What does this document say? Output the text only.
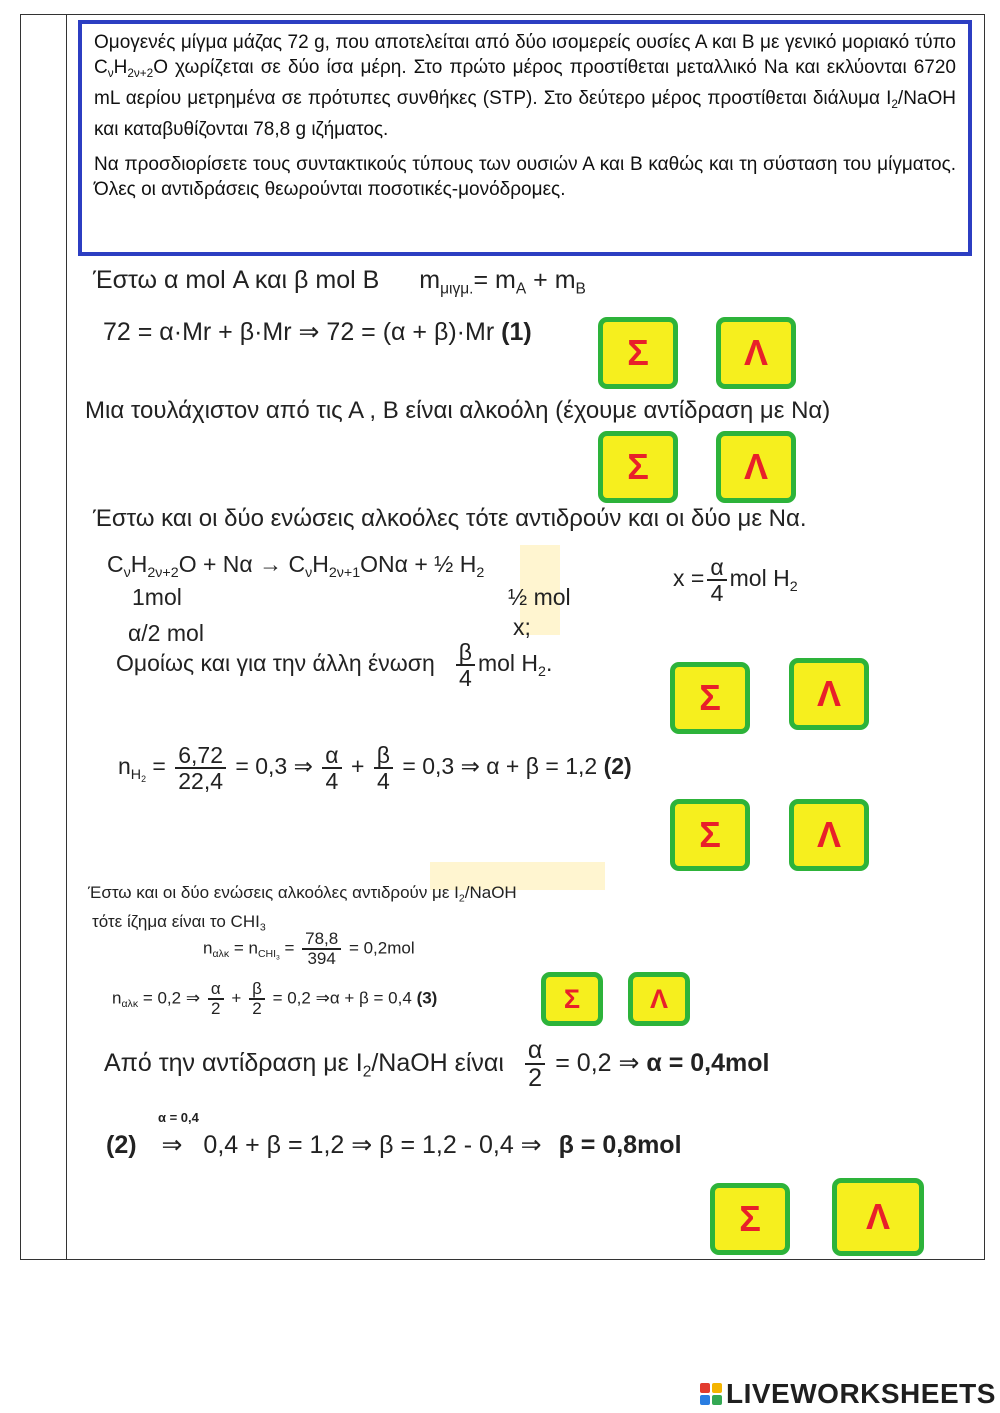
Ομογενές μίγμα μάζας 72 g, που αποτελείται από δύο ισομερείς ουσίες Α και Β με γενικό μοριακό τύπο $C_\nu H_{2\nu+2}O$ χωρίζεται σε δύο ίσα μέρη. Στο πρώτο μέρος προστίθεται μεταλλικό Na και εκλύονται 6720 mL αερίου μετρημένα σε πρότυπες συνθήκες (STP). Στο δεύτερο μέρος προστίθεται διάλυμα $I_2$/NaOH και καταβυθίζονται 78,8 g ιζήματος.

Να προσδιορίσετε τους συντακτικούς τύπους των ουσιών Α και Β καθώς και τη σύσταση του μίγματος. Όλες οι αντιδράσεις θεωρούνται ποσοτικές-μονόδρομες.

Έστω α mol Α και β mol Β $m_{\mu\iota\gamma\mu.}= m_A + m_B$
72 = α·Mr + β·Mr ⇒ 72 = (α + β)·Mr (1)	Σ	Λ
Μια τουλάχιστον από τις Α , Β είναι αλκοόλη (έχουμε αντίδραση με Να)
Σ	Λ
Έστω και οι δύο ενώσεις αλκοόλες τότε αντιδρούν και οι δύο με Να.
$C_\nu H_{2\nu+2}O + N\alpha \to C_\nu H_{2\nu+1}ON\alpha$ + ½ $H_2$
1mol	½ mol
α/2 mol	x;
$x = \frac{\alpha}{4}$ mol $H_2$
Ομοίως και για την άλλη ένωση $\frac{\beta}{4}$ mol $H_2$.
Σ	Λ
$n_{H_2} = \frac{6,72}{22,4} = 0,3$ ⇒ $\frac{\alpha}{4} + \frac{\beta}{4} = 0,3$ ⇒ α + β = 1,2 (2)
Σ	Λ
Έστω και οι δύο ενώσεις αλκοόλες αντιδρούν με $I_2$/NaOH
τότε ίζημα είναι το $CHI_3$
$n_{\alpha\lambda\kappa} = n_{CHI_3} = \frac{78,8}{394} = 0,2mol$
$n_{\alpha\lambda\kappa} = 0,2$ ⇒ $\frac{\alpha}{2} + \frac{\beta}{2} = 0,2$ ⇒α + β = 0,4 (3)	Σ	Λ
Από την αντίδραση με $I_2$/NaOH είναι $\frac{\alpha}{2} = 0,2$ ⇒ α = 0,4mol
α = 0,4
(2) ⇒ 0,4 + β = 1,2 ⇒ β = 1,2 - 0,4 ⇒ β = 0,8mol
Σ	Λ
LIVEWORKSHEETS
